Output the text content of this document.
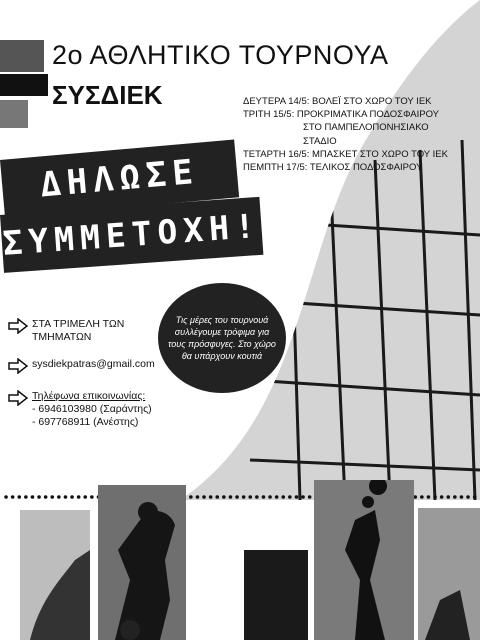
2ο ΑΘΛΗΤΙΚΟ ΤΟΥΡΝΟΥΑ
ΣΥΣΔΙΕΚ	ΔΕΥΤΕΡΑ 14/5: ΒΟΛΕΪ ΣΤΟ ΧΩΡΟ ΤΟΥ ΙΕΚ
ΤΡΙΤΗ 15/5: ΠΡΟΚΡΙΜΑΤΙΚΑ ΠΟΔΟΣΦΑΙΡΟΥ
ΣΤΟ ΠΑΜΠΕΛΟΠΟΝΗΣΙΑΚΟ
ΣΤΑΔΙΟ
ΤΕΤΑΡΤΗ 16/5: ΜΠΑΣΚΕΤ ΣΤΟ ΧΩΡΟ ΤΟΥ ΙΕΚ
ΠΕΜΠΤΗ 17/5: ΤΕΛΙΚΟΣ ΠΟΔΟΣΦΑΙΡΟΥ
ΔΗΛΩΣΕ
ΣΥΜΜΕΤΟΧΗ!
ΣΤΑ ΤΡΙΜΕΛΗ ΤΩΝ
ΤΜΗΜΑΤΩΝ
sysdiekpatras@gmail.com
Τηλέφωνα επικοινωνίας:
- 6946103980 (Σαράντης)
- 697768911 (Ανέστης)
Τις μέρες του τουρνουά συλλέγουμε τρόφιμα για τους πρόσφυγες. Στο χώρο θα υπάρχουν κουτιά
